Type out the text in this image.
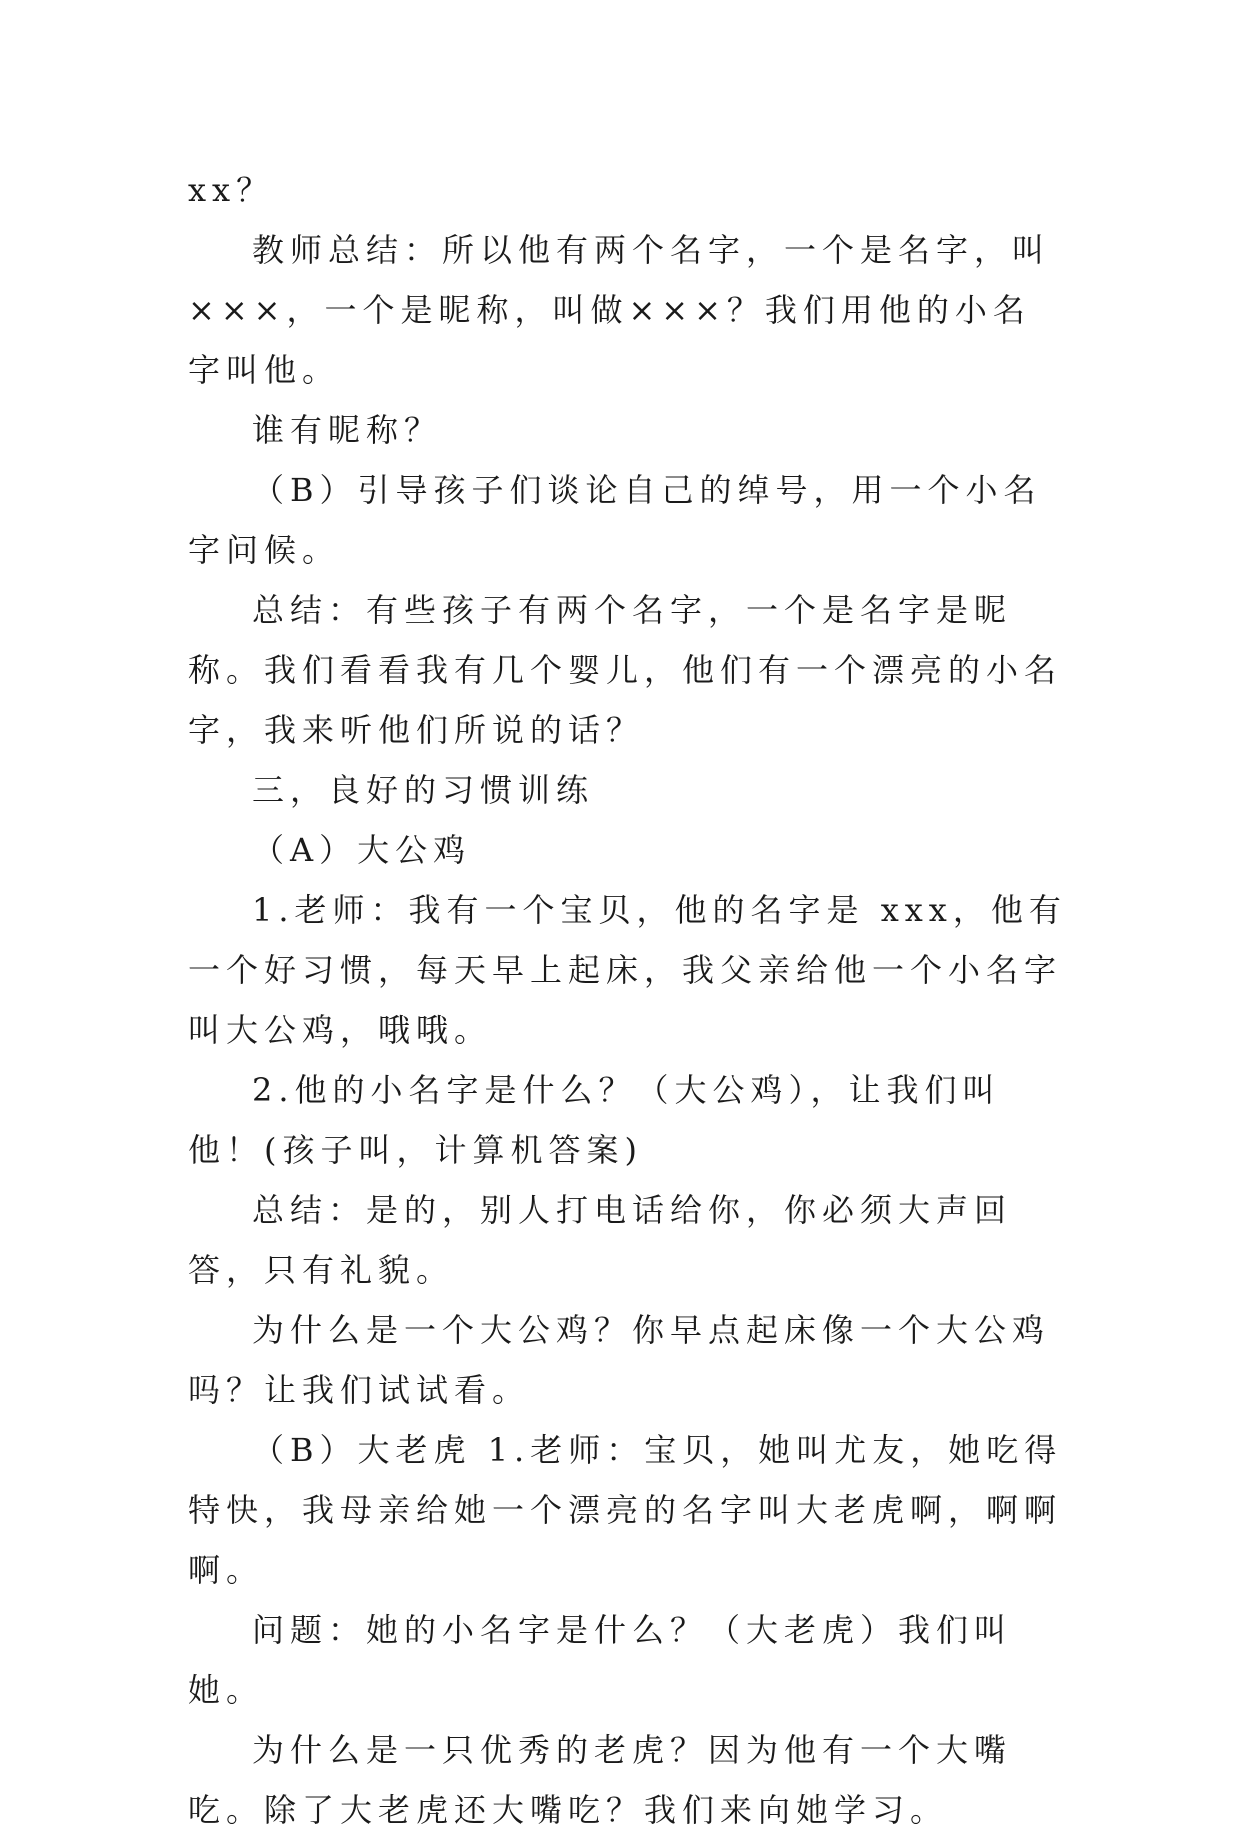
xx？

教师总结：所以他有两个名字，一个是名字，叫×××，一个是昵称，叫做×××？我们用他的小名字叫他。

谁有昵称？

（B）引导孩子们谈论自己的绰号，用一个小名字问候。

总结：有些孩子有两个名字，一个是名字是昵称。我们看看我有几个婴儿，他们有一个漂亮的小名字，我来听他们所说的话？

三，良好的习惯训练

（A）大公鸡

1.老师：我有一个宝贝，他的名字是 xxx，他有一个好习惯，每天早上起床，我父亲给他一个小名字叫大公鸡，哦哦。

2.他的小名字是什么？（大公鸡），让我们叫他！(孩子叫，计算机答案)

总结：是的，别人打电话给你，你必须大声回答，只有礼貌。

为什么是一个大公鸡？你早点起床像一个大公鸡吗？让我们试试看。

（B）大老虎 1.老师：宝贝，她叫尤友，她吃得特快，我母亲给她一个漂亮的名字叫大老虎啊，啊啊啊。

问题：她的小名字是什么？（大老虎）我们叫她。

为什么是一只优秀的老虎？因为他有一个大嘴吃。除了大老虎还大嘴吃？我们来向她学习。
